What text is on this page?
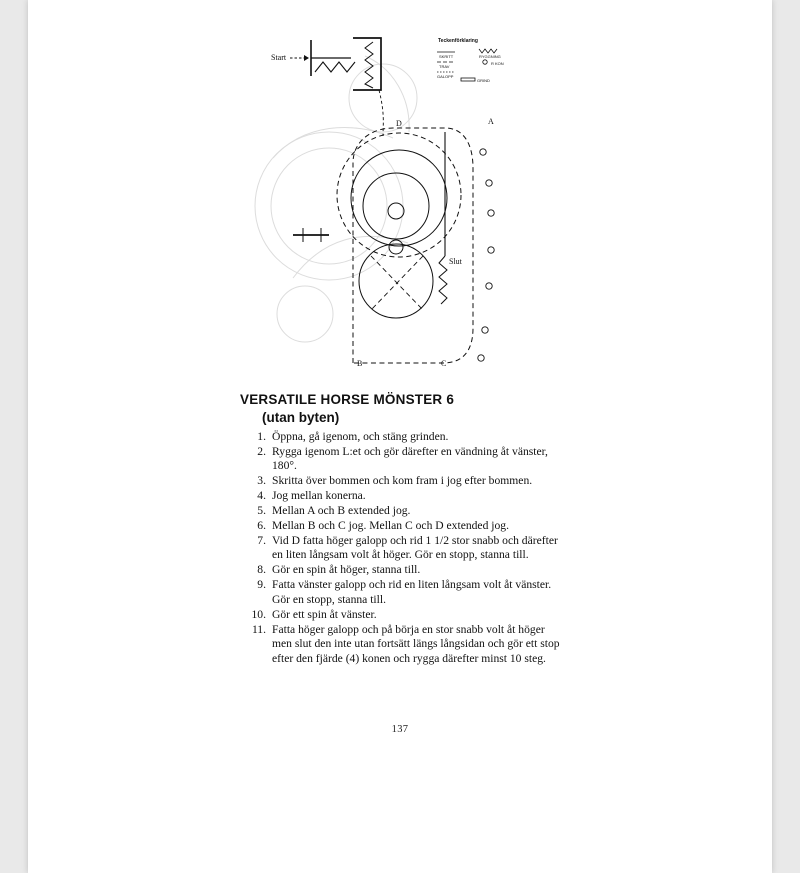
Start
Teckenförklaring
SKRITT	RYGGNING
TRAV
R KON
GALOPP
GRIND
Slut
A
B	C
D
VERSATILE HORSE MÖNSTER 6
(utan byten)
1. Öppna, gå igenom, och stäng grinden.
2. Rygga igenom L:et och gör därefter en vändning åt vänster, 180°.
3. Skritta över bommen och kom fram i jog efter bommen.
4. Jog mellan konerna.
5. Mellan A och B extended jog.
6. Mellan B och C jog. Mellan C och D extended jog.
7. Vid D fatta höger galopp och rid 1 1/2 stor snabb och därefter en liten långsam volt åt höger. Gör en stopp, stanna till.
8. Gör en spin åt höger, stanna till.
9. Fatta vänster galopp och rid en liten långsam volt åt vänster. Gör en stopp, stanna till.
10. Gör ett spin åt vänster.
11. Fatta höger galopp och på börja en stor snabb volt åt höger men slut den inte utan fortsätt längs långsidan och gör ett stop efter den fjärde (4) konen och rygga därefter minst 10 steg.
137
